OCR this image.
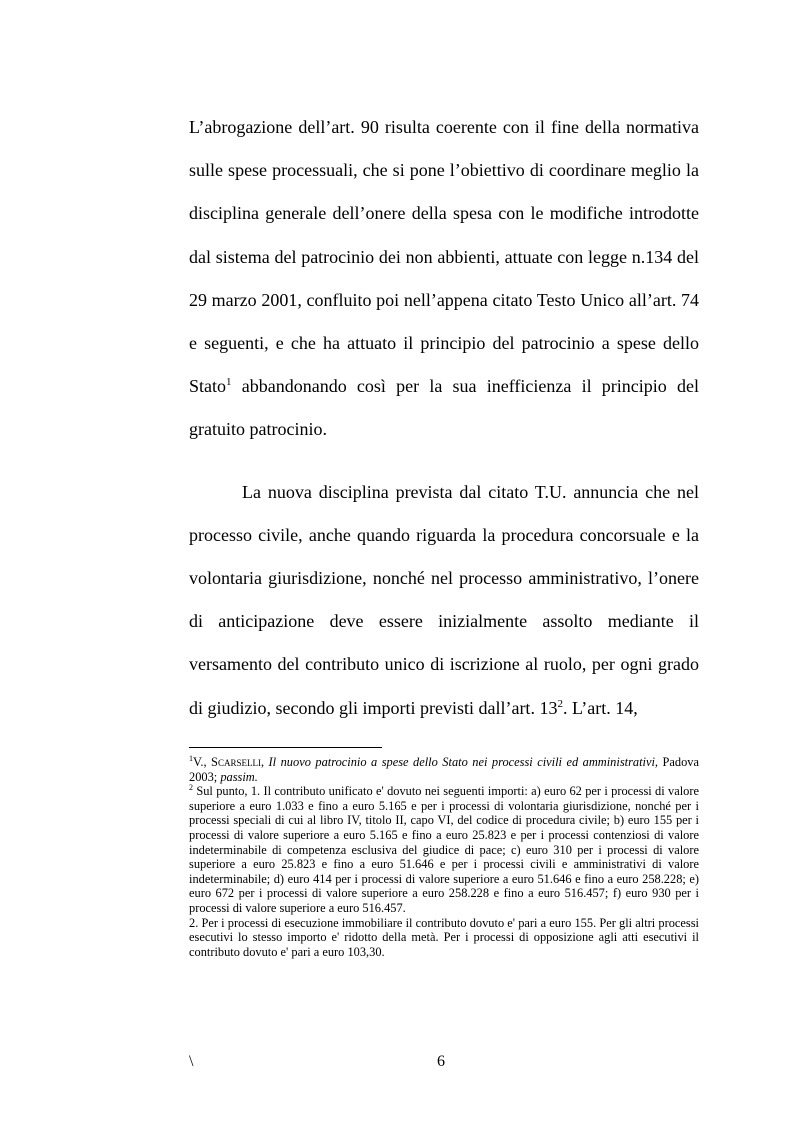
L’abrogazione dell’art. 90 risulta coerente con il fine della normativa sulle spese processuali, che si pone l’obiettivo di coordinare meglio la disciplina generale dell’onere della spesa con le modifiche introdotte dal sistema del patrocinio dei non abbienti, attuate con legge n.134 del 29 marzo 2001, confluito poi nell’appena citato Testo Unico all’art. 74 e seguenti, e che ha attuato il principio del patrocinio a spese dello Stato$^1$ abbandonando così per la sua inefficienza il principio del gratuito patrocinio.

La nuova disciplina prevista dal citato T.U. annuncia che nel processo civile, anche quando riguarda la procedura concorsuale e la volontaria giurisdizione, nonché nel processo amministrativo, l’onere di anticipazione deve essere inizialmente assolto mediante il versamento del contributo unico di iscrizione al ruolo, per ogni grado di giudizio, secondo gli importi previsti dall’art. $13^2$. L’art. 14,

$^1$V., Scarselli, Il nuovo patrocinio a spese dello Stato nei processi civili ed amministrativi, Padova 2003; passim.

$^2$ Sul punto, 1. Il contributo unificato e' dovuto nei seguenti importi: a) euro 62 per i processi di valore superiore a euro 1.033 e fino a euro 5.165 e per i processi di volontaria giurisdizione, nonché per i processi speciali di cui al libro IV, titolo II, capo VI, del codice di procedura civile; b) euro 155 per i processi di valore superiore a euro 5.165 e fino a euro 25.823 e per i processi contenziosi di valore indeterminabile di competenza esclusiva del giudice di pace; c) euro 310 per i processi di valore superiore a euro 25.823 e fino a euro 51.646 e per i processi civili e amministrativi di valore indeterminabile; d) euro 414 per i processi di valore superiore a euro 51.646 e fino a euro 258.228; e) euro 672 per i processi di valore superiore a euro 258.228 e fino a euro 516.457; f) euro 930 per i processi di valore superiore a euro 516.457.

2. Per i processi di esecuzione immobiliare il contributo dovuto e' pari a euro 155. Per gli altri processi esecutivi lo stesso importo e' ridotto della metà. Per i processi di opposizione agli atti esecutivi il contributo dovuto e' pari a euro 103,30.

\	6
